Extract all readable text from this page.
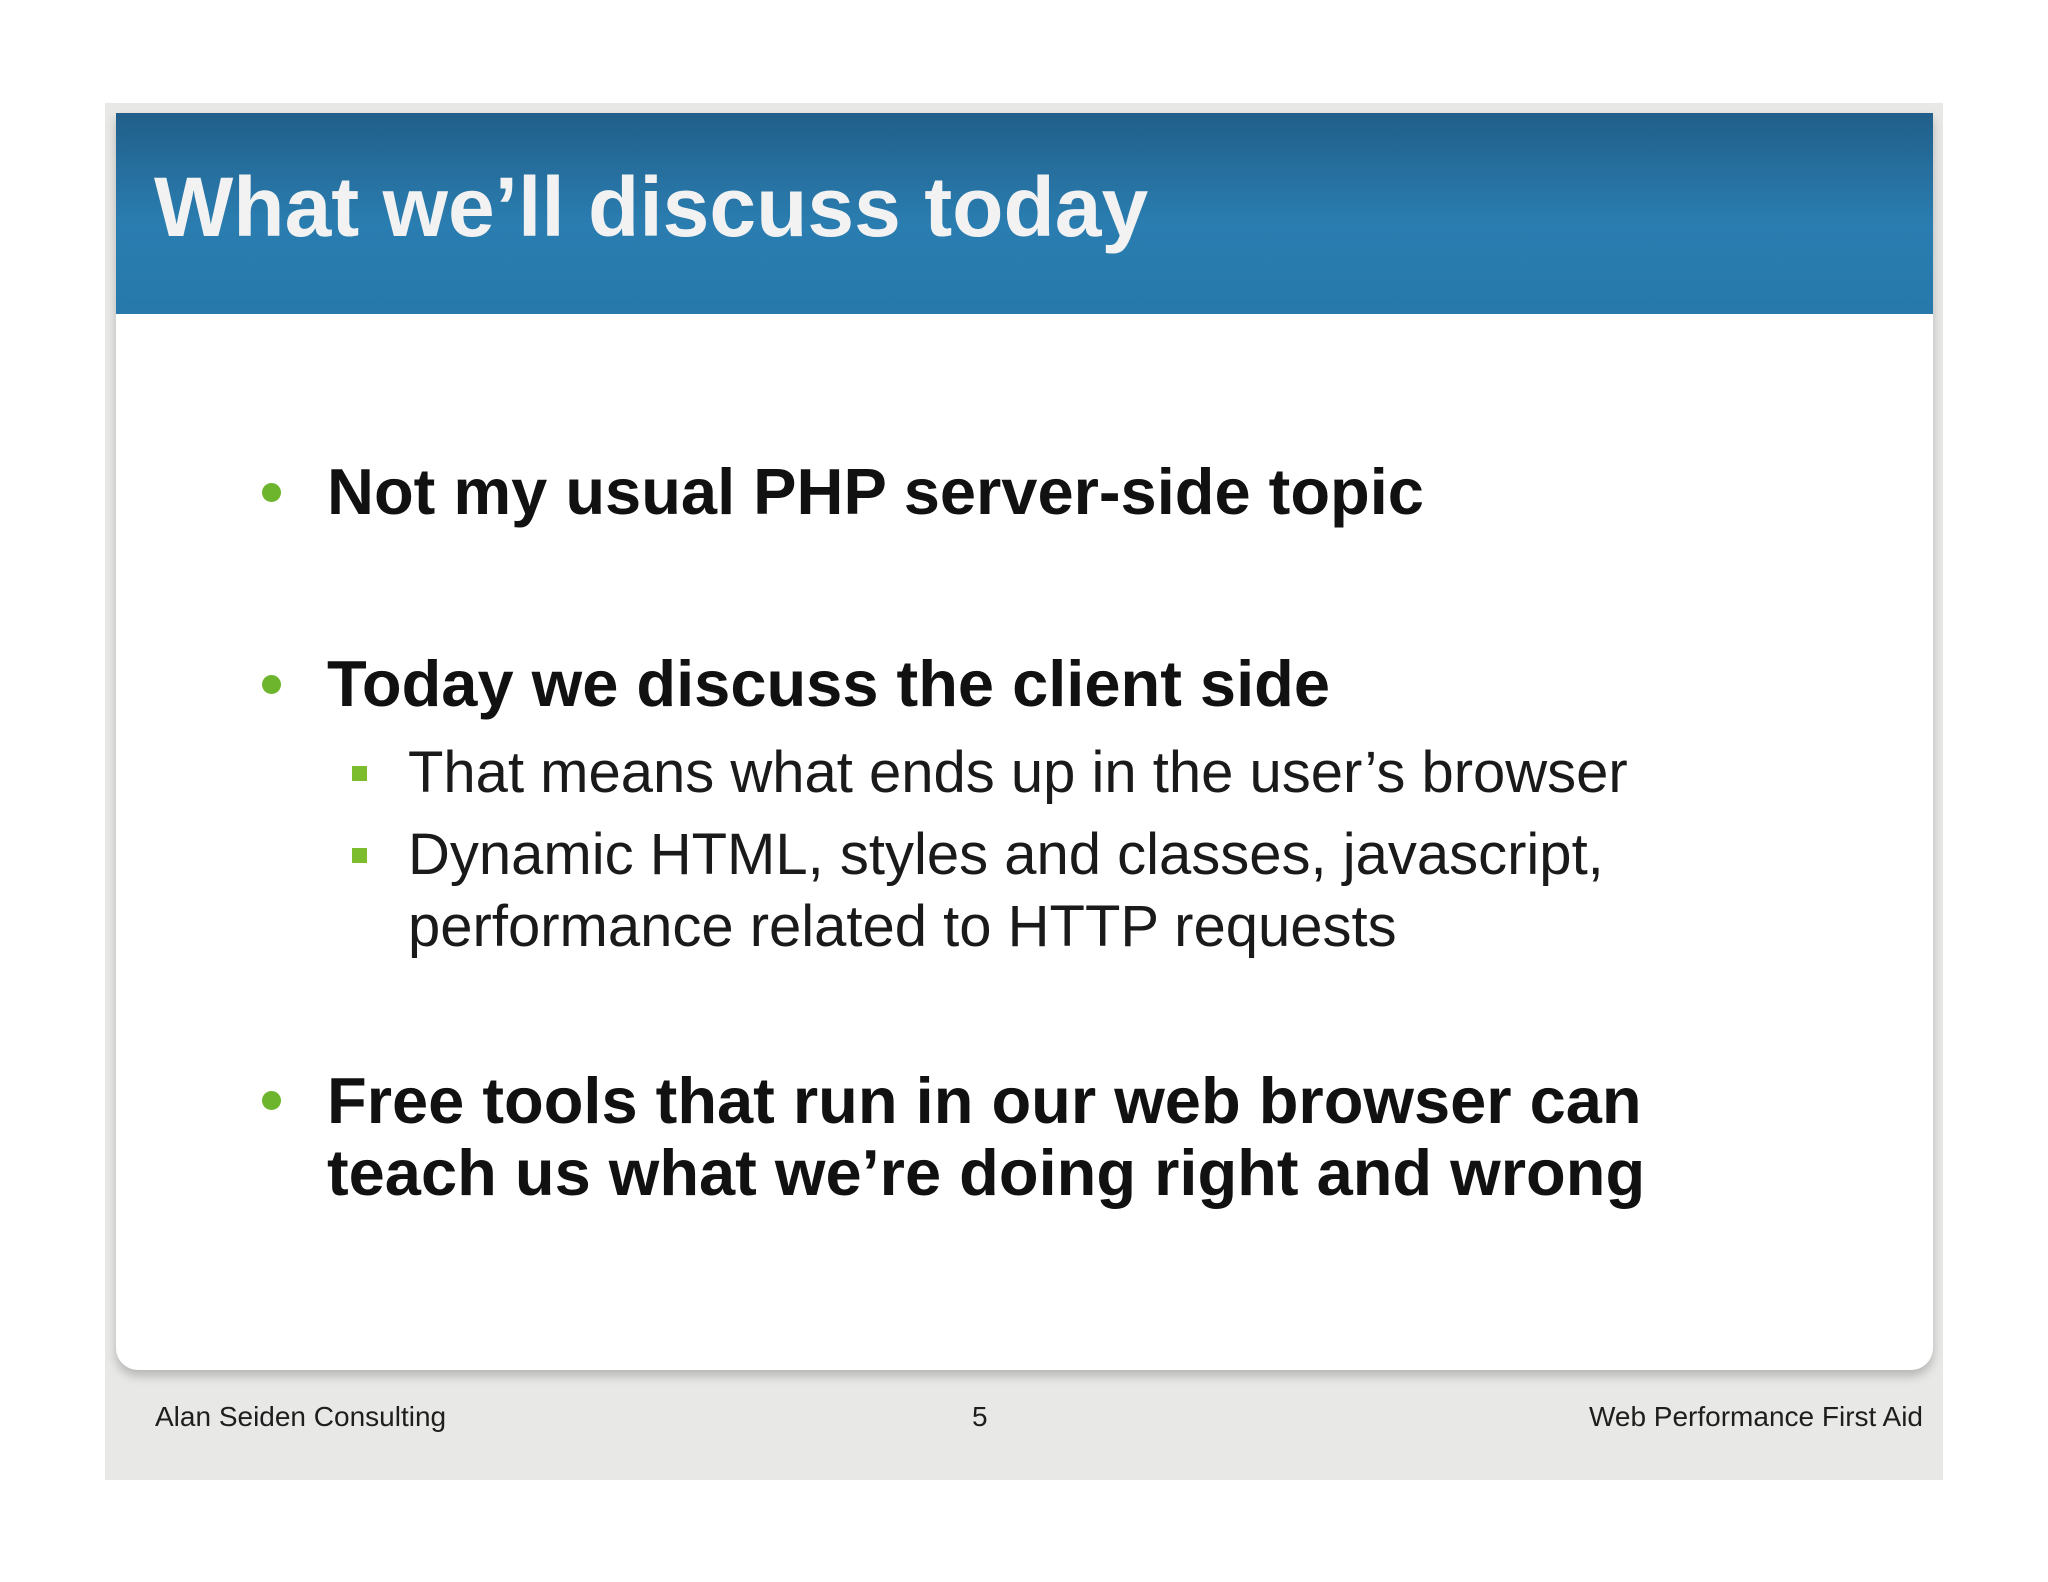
What we’ll discuss today

Not my usual PHP server-side topic

Today we discuss the client side

That means what ends up in the user’s browser

Dynamic HTML, styles and classes, javascript, performance related to HTTP requests

Free tools that run in our web browser can teach us what we’re doing right and wrong

Alan Seiden Consulting	5	Web Performance First Aid
